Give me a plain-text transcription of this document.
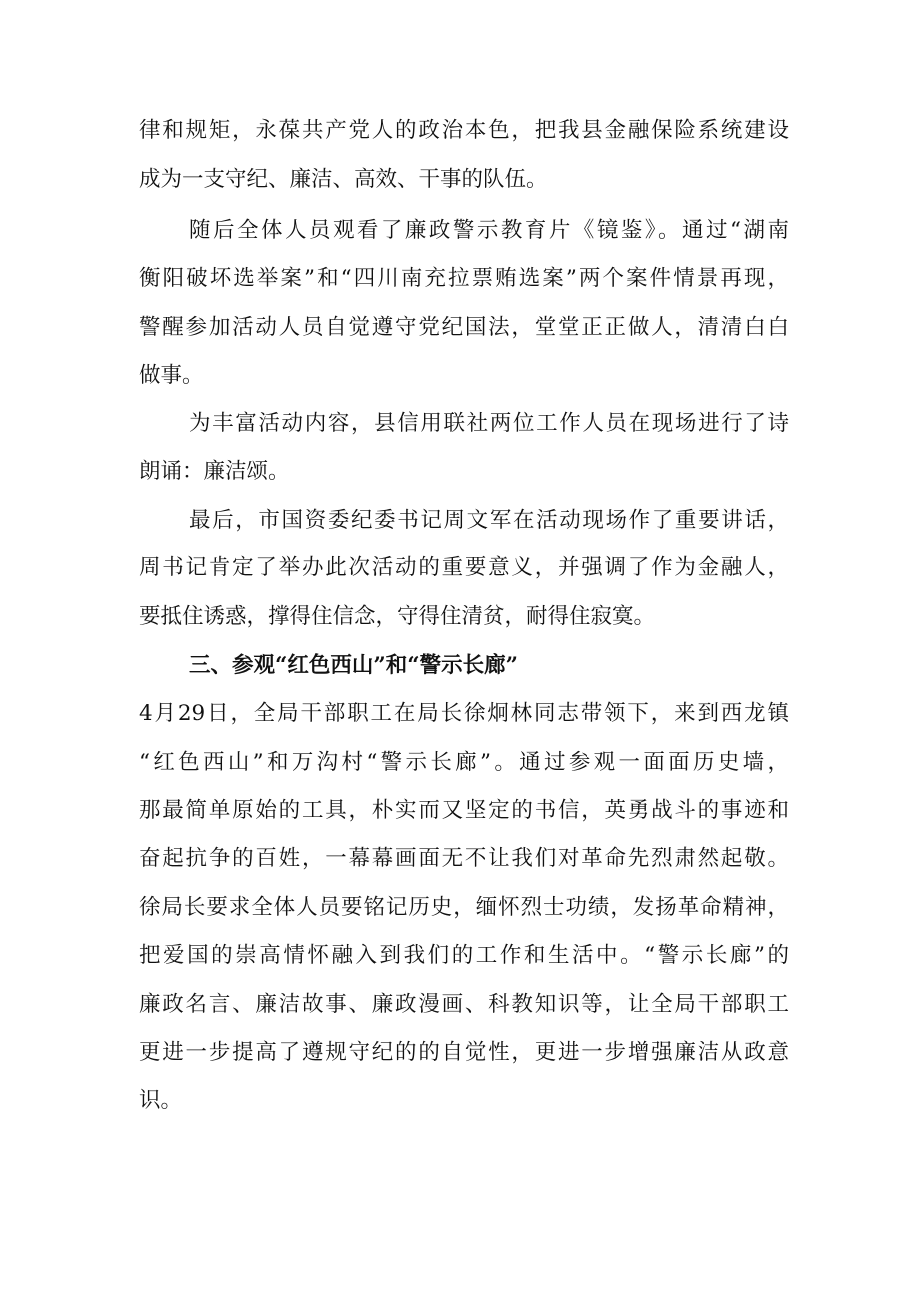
律和规矩，永葆共产党人的政治本色，把我县金融保险系统建设
成为一支守纪、廉洁、高效、干事的队伍。
随后全体人员观看了廉政警示教育片《镜鉴》。通过“湖南
衡阳破坏选举案”和“四川南充拉票贿选案”两个案件情景再现，
警醒参加活动人员自觉遵守党纪国法，堂堂正正做人，清清白白
做事。
为丰富活动内容，县信用联社两位工作人员在现场进行了诗
朗诵：廉洁颂。
最后，市国资委纪委书记周文军在活动现场作了重要讲话，
周书记肯定了举办此次活动的重要意义，并强调了作为金融人，
要抵住诱惑，撑得住信念，守得住清贫，耐得住寂寞。
三、参观“红色西山”和“警示长廊”
4月29日，全局干部职工在局长徐炯林同志带领下，来到西龙镇
“红色西山”和万沟村“警示长廊”。通过参观一面面历史墙，
那最简单原始的工具，朴实而又坚定的书信，英勇战斗的事迹和
奋起抗争的百姓，一幕幕画面无不让我们对革命先烈肃然起敬。
徐局长要求全体人员要铭记历史，缅怀烈士功绩，发扬革命精神，
把爱国的崇高情怀融入到我们的工作和生活中。“警示长廊”的
廉政名言、廉洁故事、廉政漫画、科教知识等，让全局干部职工
更进一步提高了遵规守纪的的自觉性，更进一步增强廉洁从政意
识。
